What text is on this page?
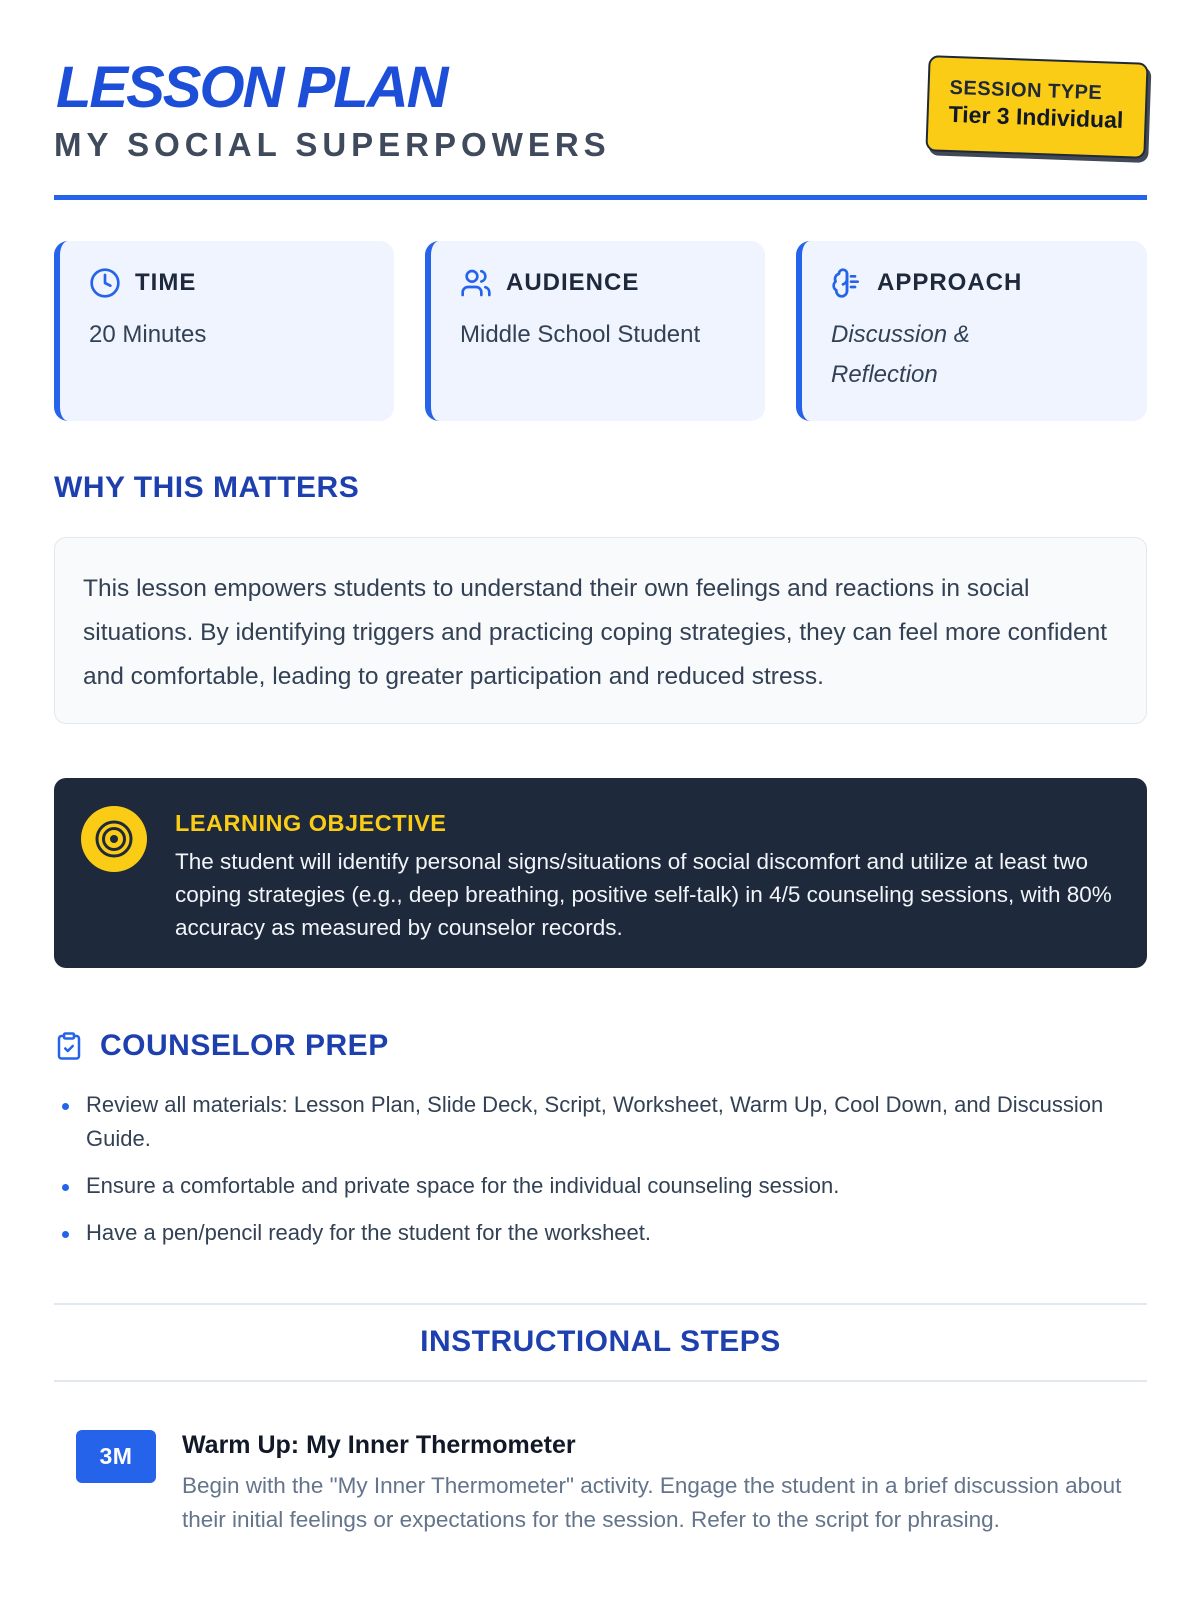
LESSON PLAN
MY SOCIAL SUPERPOWERS
SESSION TYPE
Tier 3 Individual
TIME
20 Minutes
AUDIENCE
Middle School Student
APPROACH
Discussion & Reflection
WHY THIS MATTERS
This lesson empowers students to understand their own feelings and reactions in social situations. By identifying triggers and practicing coping strategies, they can feel more confident and comfortable, leading to greater participation and reduced stress.
LEARNING OBJECTIVE
The student will identify personal signs/situations of social discomfort and utilize at least two coping strategies (e.g., deep breathing, positive self-talk) in 4/5 counseling sessions, with 80% accuracy as measured by counselor records.
COUNSELOR PREP
Review all materials: Lesson Plan, Slide Deck, Script, Worksheet, Warm Up, Cool Down, and Discussion Guide.
Ensure a comfortable and private space for the individual counseling session.
Have a pen/pencil ready for the student for the worksheet.
INSTRUCTIONAL STEPS
3M	Warm Up: My Inner Thermometer
Begin with the "My Inner Thermometer" activity. Engage the student in a brief discussion about their initial feelings or expectations for the session. Refer to the script for phrasing.
